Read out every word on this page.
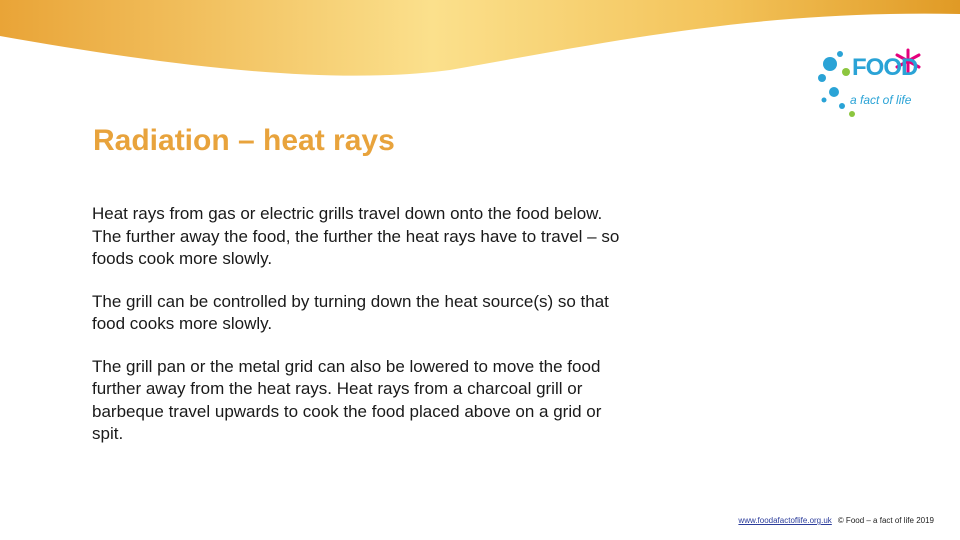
FOOD
a fact of life
Radiation – heat rays

Heat rays from gas or electric grills travel down onto the food below. The further away the food, the further the heat rays have to travel – so foods cook more slowly.

The grill can be controlled by turning down the heat source(s) so that food cooks more slowly.

The grill pan or the metal grid can also be lowered to move the food further away from the heat rays. Heat rays from a charcoal grill or barbeque travel upwards to cook the food placed above on a grid or spit.

www.foodafactoflife.org.uk © Food – a fact of life 2019
